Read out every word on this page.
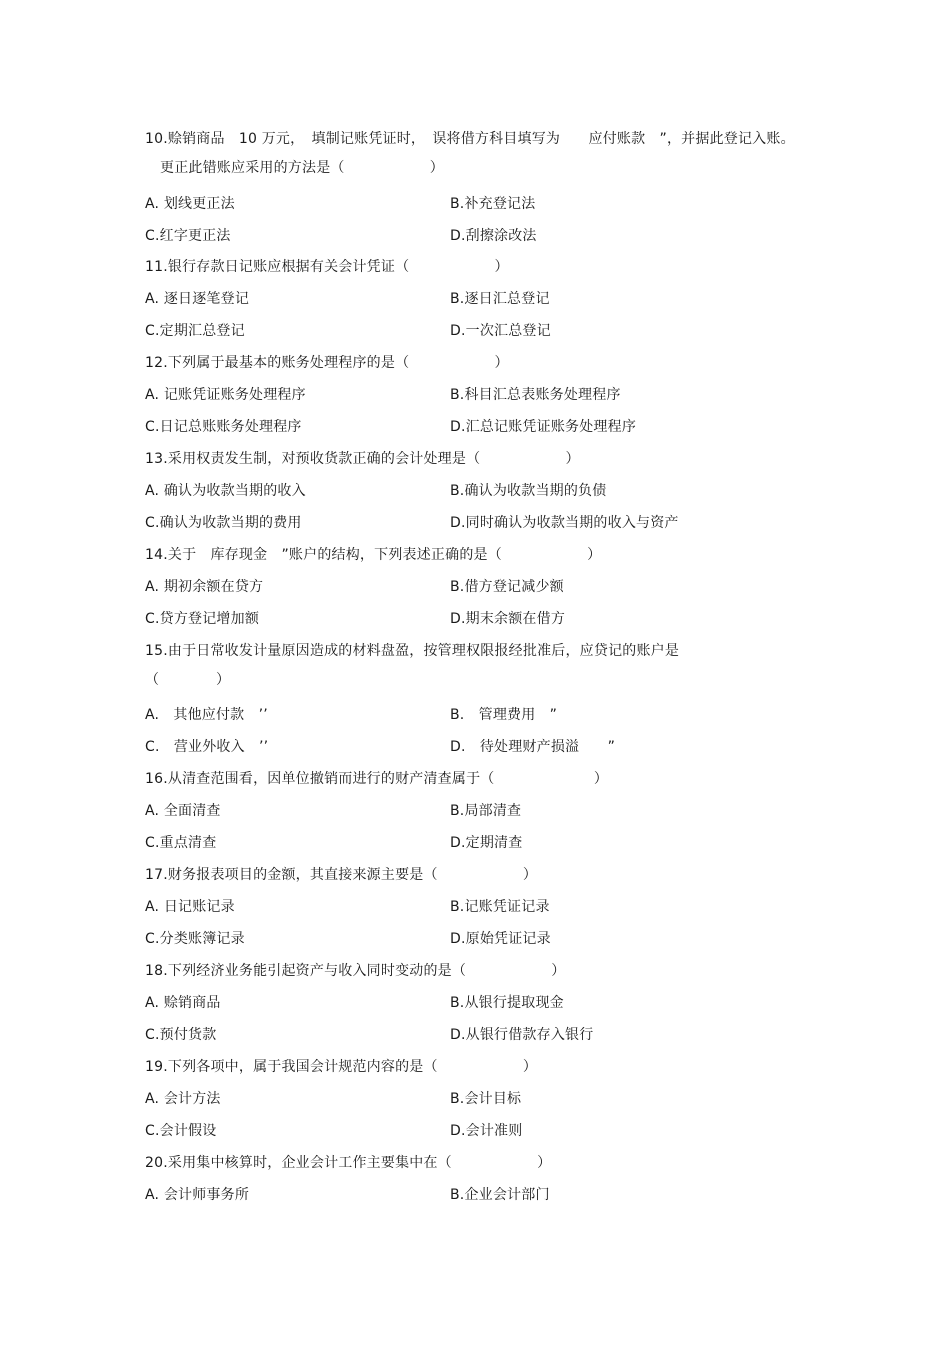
10.赊销商品　10 万元，　填制记账凭证时，　误将借方科目填写为　　应付账款　”，并据此登记入账。
更正此错账应采用的方法是（　　　　　　）
A. 划线更正法	B.补充登记法
C.红字更正法	D.刮擦涂改法
11.银行存款日记账应根据有关会计凭证（　　　　　　）
A. 逐日逐笔登记	B.逐日汇总登记
C.定期汇总登记	D.一次汇总登记
12.下列属于最基本的账务处理程序的是（　　　　　　）
A. 记账凭证账务处理程序	B.科目汇总表账务处理程序
C.日记总账账务处理程序	D.汇总记账凭证账务处理程序
13.采用权责发生制，对预收货款正确的会计处理是（　　　　　　）
A. 确认为收款当期的收入	B.确认为收款当期的负债
C.确认为收款当期的费用	D.同时确认为收款当期的收入与资产
14.关于　库存现金　”账户的结构，下列表述正确的是（　　　　　　）
A. 期初余额在贷方	B.借方登记减少额
C.贷方登记增加额	D.期末余额在借方
15.由于日常收发计量原因造成的材料盘盈，按管理权限报经批准后，应贷记的账户是
（　　　　）
A.　其他应付款　’’	B.　管理费用　”
C.　营业外收入　’’	D.　待处理财产损溢　　”
16.从清查范围看，因单位撤销而进行的财产清查属于（　　　　　　　）
A. 全面清查	B.局部清查
C.重点清查	D.定期清查
17.财务报表项目的金额，其直接来源主要是（　　　　　　）
A. 日记账记录	B.记账凭证记录
C.分类账簿记录	D.原始凭证记录
18.下列经济业务能引起资产与收入同时变动的是（　　　　　　）
A. 赊销商品	B.从银行提取现金
C.预付货款	D.从银行借款存入银行
19.下列各项中，属于我国会计规范内容的是（　　　　　　）
A. 会计方法	B.会计目标
C.会计假设	D.会计准则
20.采用集中核算时，企业会计工作主要集中在（　　　　　　）
A. 会计师事务所	B.企业会计部门
